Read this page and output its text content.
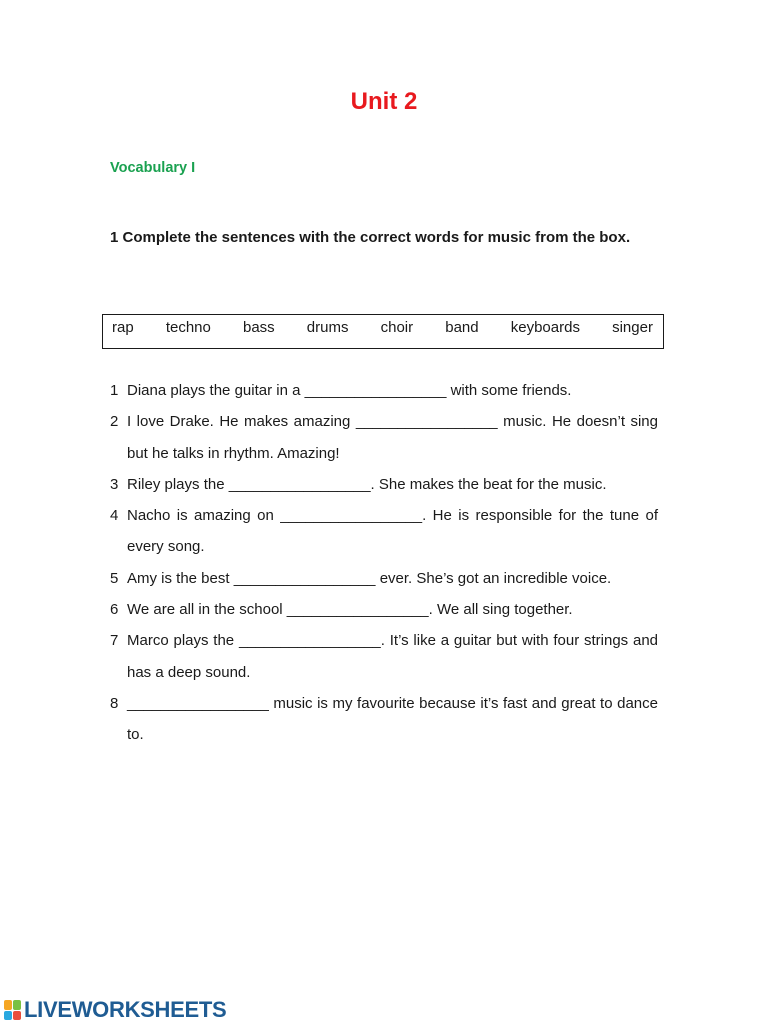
Unit 2
Vocabulary I
1 Complete the sentences with the correct words for music from the box.
rap techno bass drums choir band keyboards singer
1 Diana plays the guitar in a _________________ with some friends.
2 I love Drake. He makes amazing _________________ music. He doesn’t sing but he talks in rhythm. Amazing!
3 Riley plays the _________________. She makes the beat for the music.
4 Nacho is amazing on _________________. He is responsible for the tune of every song.
5 Amy is the best _________________ ever. She’s got an incredible voice.
6 We are all in the school _________________. We all sing together.
7 Marco plays the _________________. It’s like a guitar but with four strings and has a deep sound.
8 _________________ music is my favourite because it’s fast and great to dance to.
LIVEWORKSHEETS
